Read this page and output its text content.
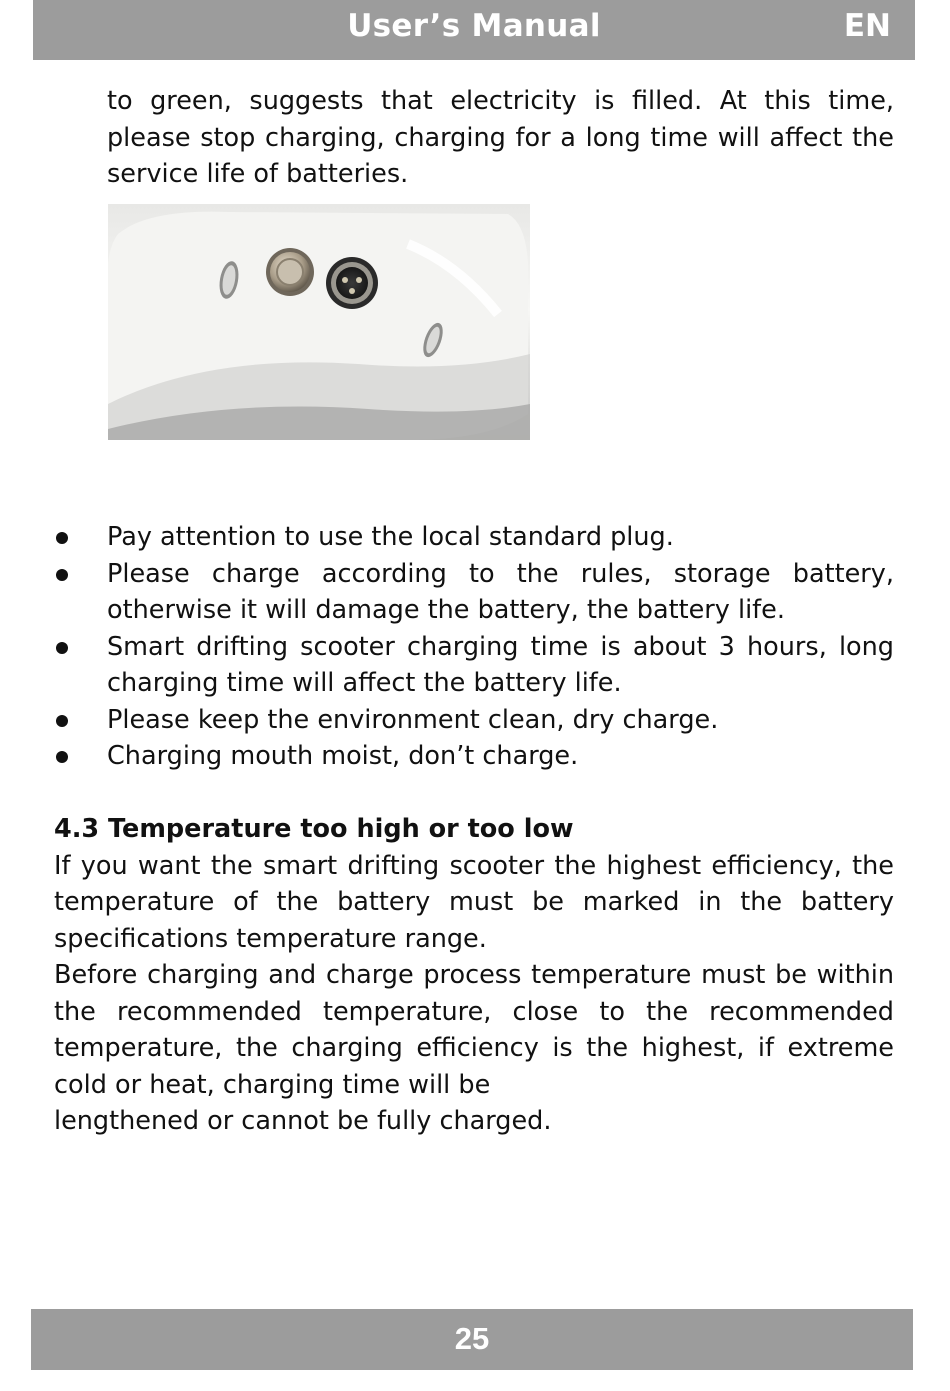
User’s Manual	EN
to green, suggests that electricity is filled. At this time, please stop charging, charging for a long time will affect the service life of batteries.
Pay attention to use the local standard plug.
Please charge according to the rules, storage battery, otherwise it will damage the battery, the battery life.
Smart drifting scooter charging time is about 3 hours, long charging time will affect the battery life.
Please keep the environment clean, dry charge.
Charging mouth moist, don’t charge.
4.3 Temperature too high or too low

If you want the smart drifting scooter the highest efficiency, the temperature of the battery must be marked in the battery specifications temperature range.

Before charging and charge process temperature must be within the recommended temperature, close to the recommended temperature, the charging efficiency is the highest, if extreme cold or heat, charging time will be

lengthened or cannot be fully charged.

25
